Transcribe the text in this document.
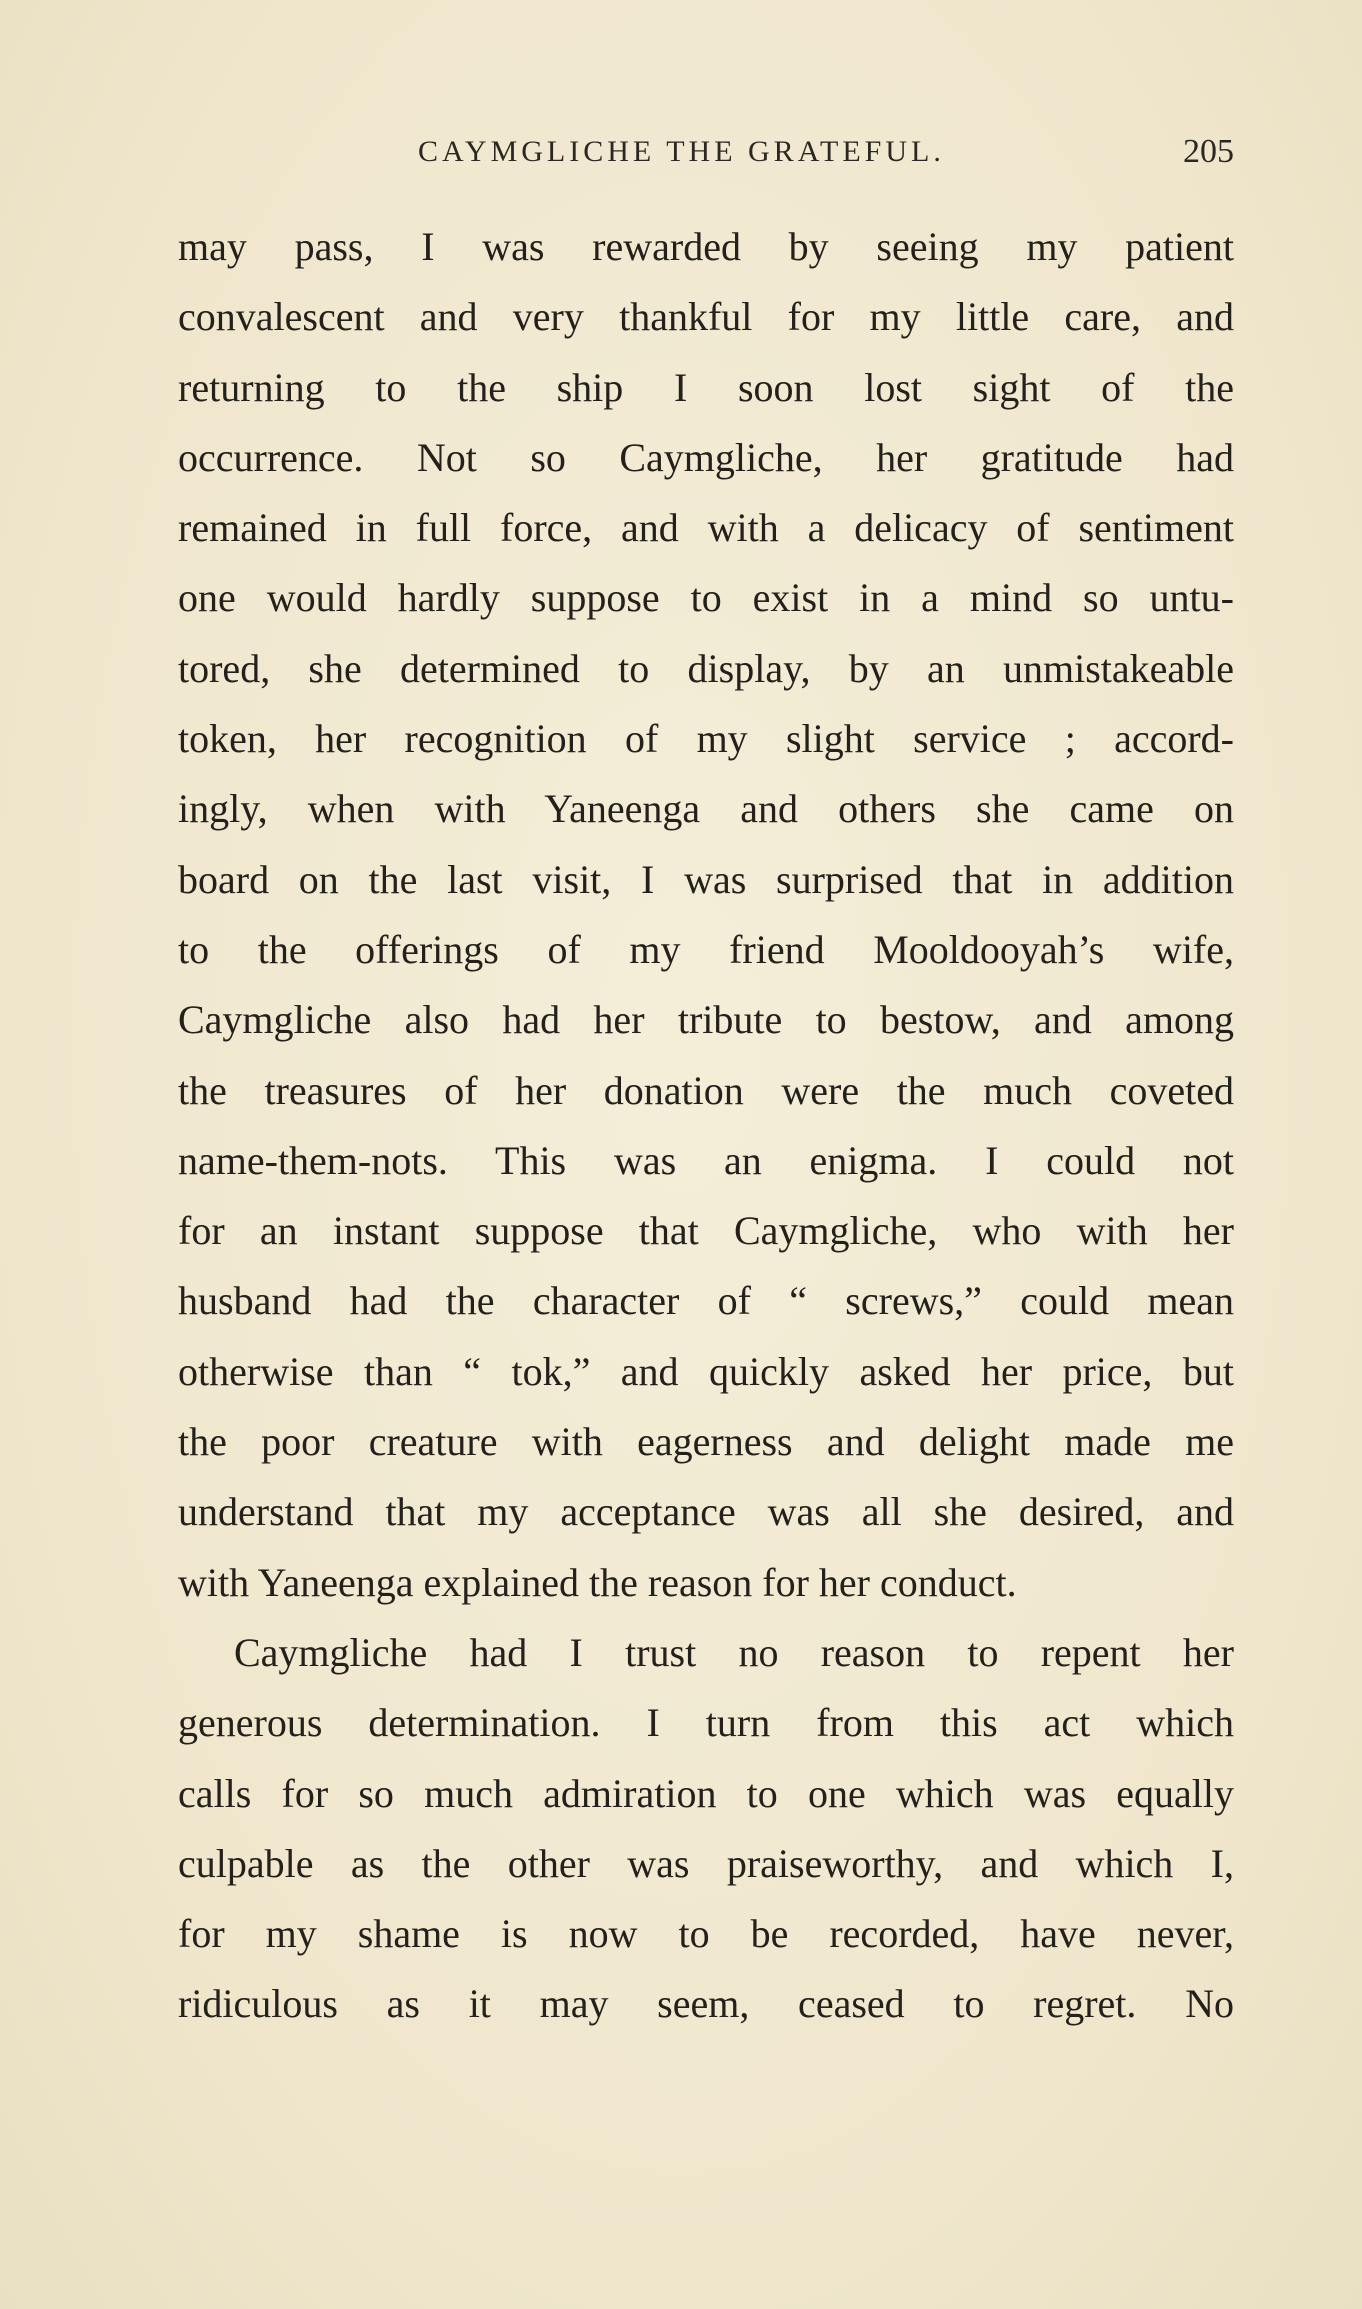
CAYMGLICHE THE GRATEFUL.	205
may pass, I was rewarded by seeing my patient
convalescent and very thankful for my little care, and
returning to the ship I soon lost sight of the
occurrence. Not so Caymgliche, her gratitude had
remained in full force, and with a delicacy of sentiment
one would hardly suppose to exist in a mind so untu-
tored, she determined to display, by an unmistakeable
token, her recognition of my slight service ; accord-
ingly, when with Yaneenga and others she came on
board on the last visit, I was surprised that in addition
to the offerings of my friend Mooldooyah’s wife,
Caymgliche also had her tribute to bestow, and among
the treasures of her donation were the much coveted
name-them-nots. This was an enigma. I could not
for an instant suppose that Caymgliche, who with her
husband had the character of “ screws,” could mean
otherwise than “ tok,” and quickly asked her price, but
the poor creature with eagerness and delight made me
understand that my acceptance was all she desired, and
with Yaneenga explained the reason for her conduct.
Caymgliche had I trust no reason to repent her
generous determination. I turn from this act which
calls for so much admiration to one which was equally
culpable as the other was praiseworthy, and which I,
for my shame is now to be recorded, have never,
ridiculous as it may seem, ceased to regret. No
